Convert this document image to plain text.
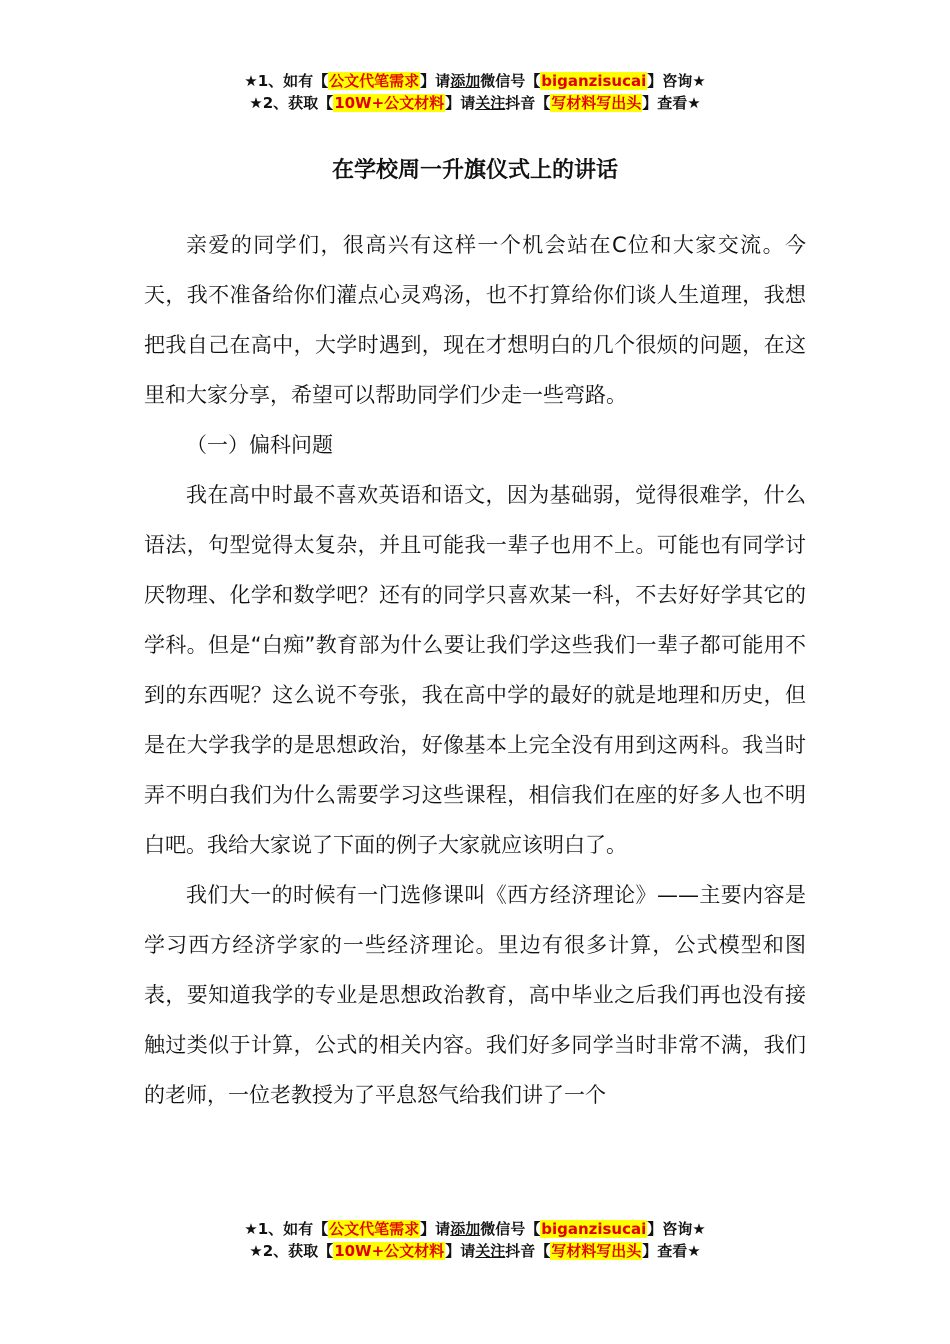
★1、如有【公文代笔需求】请添加微信号【biganzisucai】咨询★
★2、获取【10W+公文材料】请关注抖音【写材料写出头】查看★
在学校周一升旗仪式上的讲话

亲爱的同学们，很高兴有这样一个机会站在C位和大家交流。今天，我不准备给你们灌点心灵鸡汤，也不打算给你们谈人生道理，我想把我自己在高中，大学时遇到，现在才想明白的几个很烦的问题，在这里和大家分享，希望可以帮助同学们少走一些弯路。

（一）偏科问题

我在高中时最不喜欢英语和语文，因为基础弱，觉得很难学，什么语法，句型觉得太复杂，并且可能我一辈子也用不上。可能也有同学讨厌物理、化学和数学吧？还有的同学只喜欢某一科，不去好好学其它的学科。但是“白痴”教育部为什么要让我们学这些我们一辈子都可能用不到的东西呢？这么说不夸张，我在高中学的最好的就是地理和历史，但是在大学我学的是思想政治，好像基本上完全没有用到这两科。我当时弄不明白我们为什么需要学习这些课程，相信我们在座的好多人也不明白吧。我给大家说了下面的例子大家就应该明白了。

我们大一的时候有一门选修课叫《西方经济理论》——主要内容是学习西方经济学家的一些经济理论。里边有很多计算，公式模型和图表，要知道我学的专业是思想政治教育，高中毕业之后我们再也没有接触过类似于计算，公式的相关内容。我们好多同学当时非常不满，我们的老师，一位老教授为了平息怒气给我们讲了一个

★1、如有【公文代笔需求】请添加微信号【biganzisucai】咨询★
★2、获取【10W+公文材料】请关注抖音【写材料写出头】查看★
